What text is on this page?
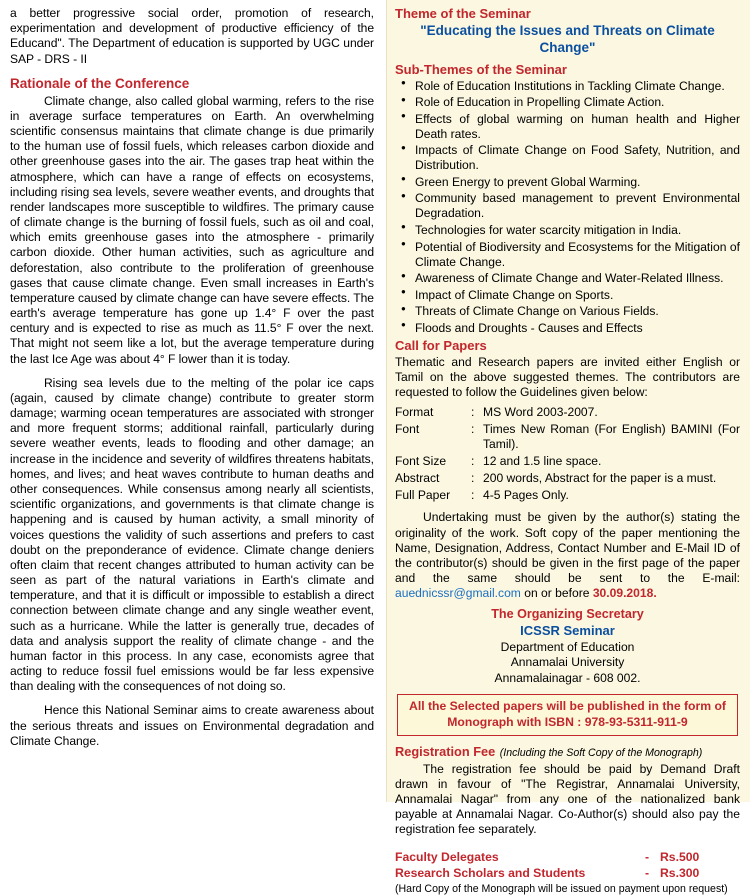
a better progressive social order, promotion of research, experimentation and development of productive efficiency of the Educand". The Department of education is supported by UGC under SAP - DRS - II

Rationale of the Conference

Climate change, also called global warming, refers to the rise in average surface temperatures on Earth. An overwhelming scientific consensus maintains that climate change is due primarily to the human use of fossil fuels, which releases carbon dioxide and other greenhouse gases into the air. The gases trap heat within the atmosphere, which can have a range of effects on ecosystems, including rising sea levels, severe weather events, and droughts that render landscapes more susceptible to wildfires. The primary cause of climate change is the burning of fossil fuels, such as oil and coal, which emits greenhouse gases into the atmosphere - primarily carbon dioxide. Other human activities, such as agriculture and deforestation, also contribute to the proliferation of greenhouse gases that cause climate change. Even small increases in Earth's temperature caused by climate change can have severe effects. The earth's average temperature has gone up 1.4° F over the past century and is expected to rise as much as 11.5° F over the next. That might not seem like a lot, but the average temperature during the last Ice Age was about 4° F lower than it is today.

Rising sea levels due to the melting of the polar ice caps (again, caused by climate change) contribute to greater storm damage; warming ocean temperatures are associated with stronger and more frequent storms; additional rainfall, particularly during severe weather events, leads to flooding and other damage; an increase in the incidence and severity of wildfires threatens habitats, homes, and lives; and heat waves contribute to human deaths and other consequences. While consensus among nearly all scientists, scientific organizations, and governments is that climate change is happening and is caused by human activity, a small minority of voices questions the validity of such assertions and prefers to cast doubt on the preponderance of evidence. Climate change deniers often claim that recent changes attributed to human activity can be seen as part of the natural variations in Earth's climate and temperature, and that it is difficult or impossible to establish a direct connection between climate change and any single weather event, such as a hurricane. While the latter is generally true, decades of data and analysis support the reality of climate change - and the human factor in this process. In any case, economists agree that acting to reduce fossil fuel emissions would be far less expensive than dealing with the consequences of not doing so.

Hence this National Seminar aims to create awareness about the serious threats and issues on Environmental degradation and Climate Change.

Theme of the Seminar
"Educating the Issues and Threats on Climate Change"
Sub-Themes of the Seminar
● Role of Education Institutions in Tackling Climate Change.
● Role of Education in Propelling Climate Action.
● Effects of global warming on human health and Higher Death rates.
● Impacts of Climate Change on Food Safety, Nutrition, and Distribution.
● Green Energy to prevent Global Warming.
● Community based management to prevent Environmental Degradation.
● Technologies for water scarcity mitigation in India.
● Potential of Biodiversity and Ecosystems for the Mitigation of Climate Change.
● Awareness of Climate Change and Water-Related Illness.
● Impact of Climate Change on Sports.
● Threats of Climate Change on Various Fields.
● Floods and Droughts - Causes and Effects
Call for Papers

Thematic and Research papers are invited either English or Tamil on the above suggested themes. The contributors are requested to follow the Guidelines given below:

Format	:	MS Word 2003-2007.
Font	:	Times New Roman (For English) BAMINI (For Tamil).
Font Size	:	12 and 1.5 line space.
Abstract	:	200 words, Abstract for the paper is a must.
Full Paper	:	4-5 Pages Only.

Undertaking must be given by the author(s) stating the originality of the work. Soft copy of the paper mentioning the Name, Designation, Address, Contact Number and E-Mail ID of the contributor(s) should be given in the first page of the paper and the same should be sent to the E-mail: auednicssr@gmail.com on or before 30.09.2018.

The Organizing Secretary
ICSSR Seminar
Department of Education
Annamalai University
Annamalainagar - 608 002.
All the Selected papers will be published in the form of
Monograph with ISBN : 978-93-5311-911-9
Registration Fee (Including the Soft Copy of the Monograph)

The registration fee should be paid by Demand Draft drawn in favour of "The Registrar, Annamalai University, Annamalai Nagar" from any one of the nationalized bank payable at Annamalai Nagar. Co-Author(s) should also pay the registration fee separately.

Faculty Delegates	-	Rs.500
Research Scholars and Students	-	Rs.300
(Hard Copy of the Monograph will be issued on payment upon request)
